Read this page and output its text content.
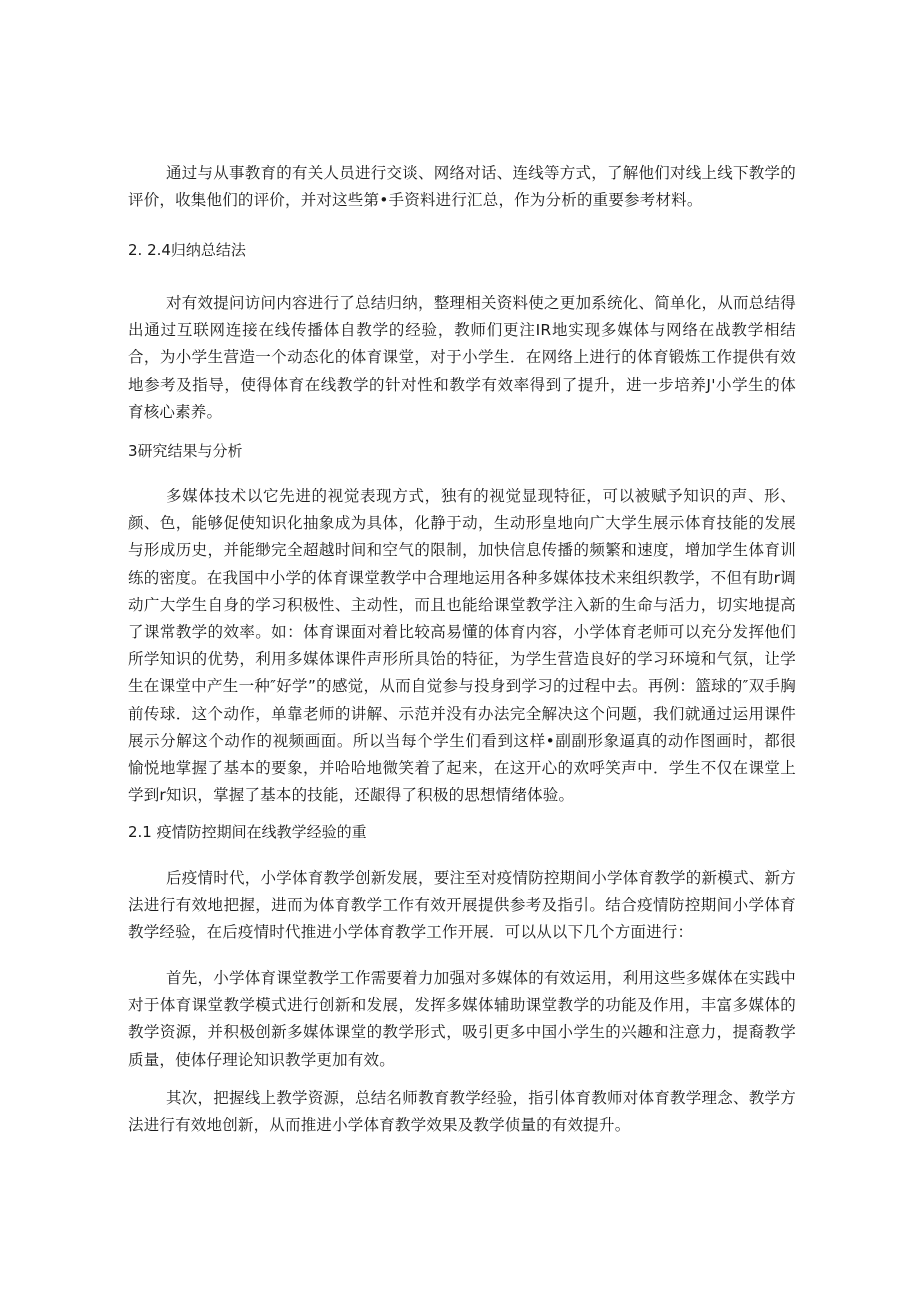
通过与从事教育的有关人员进行交谈、网络对话、连线等方式，了解他们对线上线下教学的评价，收集他们的评价，并对这些第•手资料进行汇总，作为分析的重要参考材料。

2. 2.4归纳总结法

对有效提问访问内容进行了总结归纳，整理相关资料使之更加系统化、简单化，从而总结得出通过互联网连接在线传播体自教学的经验，教师们更注IR地实现多媒体与网络在战教学相结合，为小学生营造一个动态化的体育课堂，对于小学生．在网络上进行的体育锻炼工作提供有效地参考及指导，使得体育在线教学的针对性和教学有效率得到了提升，进一步培养J'小学生的体育核心素养。

3研究结果与分析

多媒体技术以它先进的视觉表现方式，独有的视觉显现特征，可以被赋予知识的声、形、颜、色，能够促使知识化抽象成为具体，化静于动，生动形皇地向广大学生展示体育技能的发展与形成历史，并能缈完全超越时间和空气的限制，加快信息传播的频繁和速度，增加学生体育训练的密度。在我国中小学的体育课堂教学中合理地运用各种多媒体技术来组织教学，不但有助r调动广大学生自身的学习积极性、主动性，而且也能给课堂教学注入新的生命与活力，切实地提高了课常教学的效率。如：体育课面对着比较高易懂的体育内容，小学体育老师可以充分发挥他们所学知识的优势，利用多媒体课件声形所具饴的特征，为学生营造良好的学习环境和气氛，让学生在课堂中产生一种″好学”的感觉，从而自觉参与投身到学习的过程中去。再例：篮球的″双手胸前传球．这个动作，单靠老师的讲解、示范并没有办法完全解决这个问题，我们就通过运用课件展示分解这个动作的视频画面。所以当每个学生们看到这样•副副形象逼真的动作图画时，都很愉悦地掌握了基本的要象，并哈哈地微笑着了起来，在这开心的欢呼笑声中．学生不仅在课堂上学到r知识，掌握了基本的技能，还龈得了积极的思想情绪体验。

2.1 疫情防控期间在线教学经验的重

后疫情时代，小学体育教学创新发展，要注至对疫情防控期间小学体育教学的新模式、新方法进行有效地把握，进而为体育教学工作有效开展提供参考及指引。结合疫情防控期间小学体育教学经验，在后疫情时代推进小学体育教学工作开展．可以从以下几个方面进行：

首先，小学体育课堂教学工作需要着力加强对多媒体的有效运用，利用这些多媒体在实践中对于体育课堂教学模式进行创新和发展，发挥多媒体辅助课堂教学的功能及作用，丰富多媒体的教学资源，并积极创新多媒体课堂的教学形式，吸引更多中国小学生的兴趣和注意力，提裔教学质量，使体仔理论知识教学更加有效。

其次，把握线上教学资源，总结名师教育教学经验，指引体育教师对体育教学理念、教学方法进行有效地创新，从而推进小学体育教学效果及教学侦量的有效提升。
